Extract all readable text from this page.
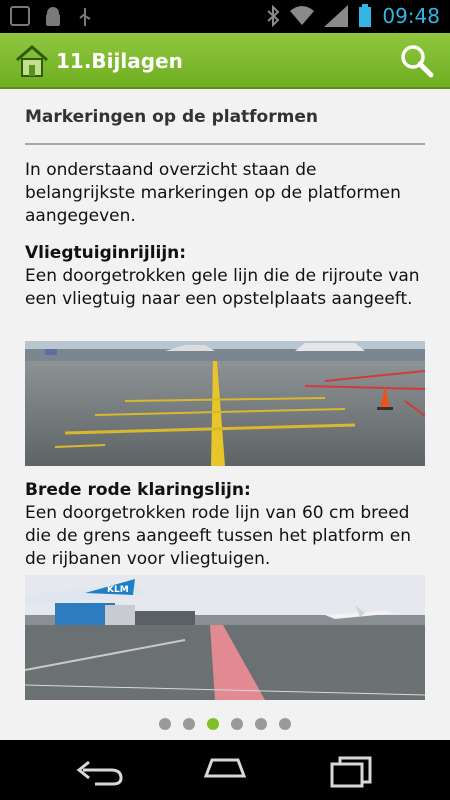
09:48
11.Bijlagen
Markeringen op de platformen
In onderstaand overzicht staan de belangrijkste markeringen op de platformen aangegeven.
Vliegtuiginrijlijn:
Een doorgetrokken gele lijn die de rijroute van een vliegtuig naar een opstelplaats aangeeft.
Brede rode klaringslijn:
Een doorgetrokken rode lijn van 60 cm breed die de grens aangeeft tussen het platform en de rijbanen voor vliegtuigen.
KLM
